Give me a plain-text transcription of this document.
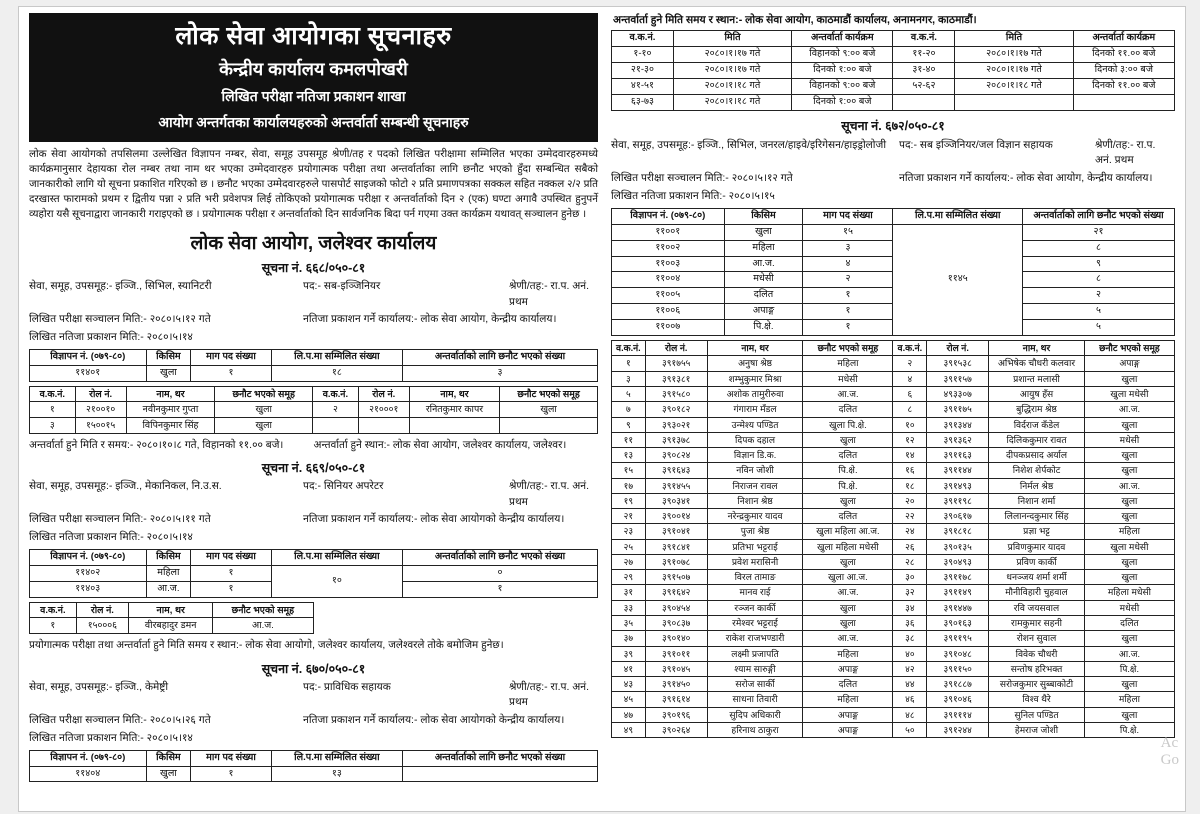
लोक सेवा आयोगका सूचनाहरु
केन्द्रीय कार्यालय कमलपोखरी
लिखित परीक्षा नतिजा प्रकाशन शाखा
आयोग अन्तर्गतका कार्यालयहरुको अन्तर्वार्ता सम्बन्धी सूचनाहरु
लोक सेवा आयोगको तपसिलमा उल्लेखित विज्ञापन नम्बर, सेवा, समूह उपसमूह श्रेणी/तह र पदको लिखित परीक्षामा सम्मिलित भएका उम्मेदवारहरुमध्ये कार्यक्रमानुसार देहायका रोल नम्बर तथा नाम थर भएका उम्मेदवारहरु प्रयोगात्मक परीक्षा तथा अन्तर्वार्ताका लागि छनौट भएको हुँदा सम्बन्धित सबैको जानकारीको लागि यो सूचना प्रकाशित गरिएको छ । छनौट भएका उम्मेदवारहरुले पासपोर्ट साइजको फोटो २ प्रति प्रमाणपत्रका सक्कल सहित नक्कल २/२ प्रति दरखास्त फारामको प्रथम र द्वितीय पन्ना २ प्रति भरी प्रवेशपत्र लिई तोकिएको प्रयोगात्मक परीक्षा र अन्तर्वार्ताको दिन २ (एक) घण्टा अगावै उपस्थित हुनुपर्ने व्यहोरा यसै सूचनाद्वारा जानकारी गराइएको छ । प्रयोगात्मक परीक्षा र अन्तर्वार्ताको दिन सार्वजनिक बिदा पर्न गएमा उक्त कार्यक्रम यथावत् सञ्चालन हुनेछ ।
लोक सेवा आयोग, जलेश्वर कार्यालय
सूचना नं. ६६८/०५०-८१
सेवा, समूह, उपसमूह:- इञ्जि., सिभिल, स्यानिटरी	पद:- सब-इञ्जिनियर	श्रेणी/तह:- रा.प. अनं. प्रथम
लिखित परीक्षा सञ्चालन मिति:- २०८०।५।१२ गते	नतिजा प्रकाशन गर्ने कार्यालय:- लोक सेवा आयोग, केन्द्रीय कार्यालय।
लिखित नतिजा प्रकाशन मिति:- २०८०।५।१४
विज्ञापन नं. (०७९-८०)	किसिम	माग पद संख्या	लि.प.मा सम्मिलित संख्या	अन्तर्वार्ताको लागि छनौट भएको संख्या
११४०१	खुला	१	१८	३
व.क.नं.	रोल नं.	नाम, थर	छनौट भएको समूह	व.क.नं.	रोल नं.	नाम, थर	छनौट भएको समूह
१	२१००१०	नवीनकुमार गुप्ता	खुला	२	२१०००१	रनितकुमार कापर	खुला
३	१५००१५	विपिनकुमार सिंह	खुला				
अन्तर्वार्ता हुने मिति र समय:- २०८०।१०।८ गते, विहानको ११.०० बजे।	अन्तर्वार्ता हुने स्थान:- लोक सेवा आयोग, जलेश्वर कार्यालय, जलेश्वर।
सूचना नं. ६६९/०५०-८१
सेवा, समूह, उपसमूह:- इञ्जि., मेकानिकल, नि.उ.स.	पद:- सिनियर अपरेटर	श्रेणी/तह:- रा.प. अनं. प्रथम
लिखित परीक्षा सञ्चालन मिति:- २०८०।५।११ गते	नतिजा प्रकाशन गर्ने कार्यालय:- लोक सेवा आयोगको केन्द्रीय कार्यालय।
लिखित नतिजा प्रकाशन मिति:- २०८०।५।१४
विज्ञापन नं. (०७९-८०)	किसिम	माग पद संख्या	लि.प.मा सम्मिलित संख्या	अन्तर्वार्ताको लागि छनौट भएको संख्या
११४०२	महिला	१	१०	०
११४०३	आ.ज.	१		१
व.क.नं.	रोल नं.	नाम, थर	छनौट भएको समूह
१	१५०००६	वीरबहादुर डमन	आ.ज.
प्रयोगात्मक परीक्षा तथा अन्तर्वार्ता हुने मिति समय र स्थान:- लोक सेवा आयोगो, जलेश्वर कार्यालय, जलेश्वरले तोके बमोजिम हुनेछ।
सूचना नं. ६७०/०५०-८१
सेवा, समूह, उपसमूह:- इञ्जि., केमेष्ट्री	पद:- प्राविधिक सहायक	श्रेणी/तह:- रा.प. अनं. प्रथम
लिखित परीक्षा सञ्चालन मिति:- २०८०।५।२६ गते	नतिजा प्रकाशन गर्ने कार्यालय:- लोक सेवा आयोगको केन्द्रीय कार्यालय।
लिखित नतिजा प्रकाशन मिति:- २०८०।५।१४
विज्ञापन नं. (०७९-८०)	किसिम	माग पद संख्या	लि.प.मा सम्मिलित संख्या	अन्तर्वार्ताको लागि छनौट भएको संख्या
११४०४	खुला	१	१३	
अन्तर्वार्ता हुने मिति समय र स्थान:- लोक सेवा आयोग, काठमाडौं कार्यालय, अनामनगर, काठमाडौं।
व.क.नं.	मिति	अन्तर्वार्ता कार्यक्रम	व.क.नं.	मिति	अन्तर्वार्ता कार्यक्रम
१-१०	२०८०।१।१७ गते	विहानको ९:०० बजे	११-२०	२०८०।१।१७ गते	दिनको ११.०० बजे
२१-३०	२०८०।१।१७ गते	दिनको १:०० बजे	३१-४०	२०८०।१।१७ गते	दिनको ३:०० बजे
४१-५१	२०८०।१।१८ गते	विहानको ९:०० बजे	५२-६२	२०८०।१।१८ गते	दिनको ११.०० बजे
६३-७३	२०८०।१।१८ गते	दिनको १:०० बजे			
सूचना नं. ६७२/०५०-८१
सेवा, समूह, उपसमूह:- इञ्जि., सिभिल, जनरल/हाइवे/इरिगेसन/हाइड्रोलोजी	पद:- सब इञ्जिनियर/जल विज्ञान सहायक	श्रेणी/तह:- रा.प. अनं. प्रथम
लिखित परीक्षा सञ्चालन मिति:- २०८०।५।१२ गते	नतिजा प्रकाशन गर्ने कार्यालय:- लोक सेवा आयोग, केन्द्रीय कार्यालय।
लिखित नतिजा प्रकाशन मिति:- २०८०।५।१५
विज्ञापन नं. (०७९-८०)	किसिम	माग पद संख्या	लि.प.मा सम्मिलित संख्या	अन्तर्वार्ताको लागि छनौट भएको संख्या
११००१	खुला	१५	११४५	२१
११००२	महिला	३		८
११००३	आ.ज.	४		९
११००४	मधेसी	२		८
११००५	दलित	१		२
११००६	अपाङ्ग	१		५
११००७	पि.क्षे.	१		५
व.क.नं.	रोल नं.	नाम, थर	छनौट भएको समूह	व.क.नं.	रोल नं.	नाम, थर	छनौट भएको समूह
१	३९१७५५	अनुषा श्रेष्ठ	महिला	२	३९१५३८	अभिषेक चौधरी कलवार	अपाङ्ग
३	३९१३८१	शम्भुकुमार मिश्रा	मधेसी	४	३९११५७	प्रशान्त मलासी	खुला
५	३९१५८०	अशोक तामुरीरुवा	आ.ज.	६	४९३३०७	आयुष हँस	खुला मधेसी
७	३९०१८२	गंगाराम मँडल	दलित	८	३९११७५	बुद्धिराम श्रेष्ठ	आ.ज.
९	३९३०२१	उन्मेश्य पण्डित	खुला पि.क्षे.	१०	३९१३४४	विर्दराज कँडेल	खुला
११	३९१३७८	दिपक दहाल	खुला	१२	३९१३६२	दिलिककुमार रावत	मधेसी
१३	३९०८२४	विज्ञान डि.क.	दलित	१४	३९११६३	दीपकप्रसाद अर्याल	खुला
१५	३९१६४३	नविन जोशी	पि.क्षे.	१६	३९११४४	निशेश शेर्पकोट	खुला
१७	३९१४५५	निराजन रावल	पि.क्षे.	१८	३९१४९३	निर्मल श्रेष्ठ	आ.ज.
१९	३९०३४१	निशान श्रेष्ठ	खुला	२०	३९११९८	निशान शर्मा	खुला
२१	३९००१४	नरेन्द्रकुमार यादव	दलित	२२	३९०६१७	लिलानन्दकुमार सिंह	खुला
२३	३९१०४१	पुजा श्रेष्ठ	खुला महिला आ.ज.	२४	३९१८१८	प्रज्ञा भट्ट	महिला
२५	३९१८४१	प्रतिभा भट्टराई	खुला महिला मधेसी	२६	३९०१३५	प्रविणकुमार यादव	खुला मधेसी
२७	३९१०७८	प्रवेश मरासिनी	खुला	२८	३९०४९३	प्रविण कार्की	खुला
२९	३९१५०७	विरल तामाङ	खुला आ.ज.	३०	३९११७८	धनञ्जय शर्मा शर्मी	खुला
३१	३९१६४२	मानव राई	आ.ज.	३२	३९११४९	मौनीविहारी चुहवाल	महिला मधेसी
३३	३९०४५४	रञ्जन कार्की	खुला	३४	३९१४४७	रवि जयसवाल	मधेसी
३५	३९०८३७	रमेश्वर भट्टराई	खुला	३६	३९०१६३	रामकुमार सहनी	दलित
३७	३९०१४०	राकेश राजभण्डारी	आ.ज.	३८	३९११९५	रोशन सुवाल	खुला
३९	३९१०११	लक्ष्मी प्रजापति	महिला	४०	३९१०४८	विवेक चौधरी	आ.ज.
४१	३९१०४५	श्याम सारुङ्गी	अपाङ्ग	४२	३९११५०	सन्तोष हरिभक्त	पि.क्षे.
४३	३९१४५०	सरोज सार्की	दलित	४४	३९१८८७	सरोजकुमार सुब्बाकोटी	खुला
४५	३९१६१४	साधना तिवारी	महिला	४६	३९१०४६	विश्व थैरे	महिला
४७	३९०१९६	सुदिप अधिकारी	अपाङ्ग	४८	३९१११४	सुनिल पण्डित	खुला
४९	३९०२६४	हरिनाथ ठाकुरा	अपाङ्ग	५०	३९१२४४	हेमराज जोशी	पि.क्षे.
Ac
Go
